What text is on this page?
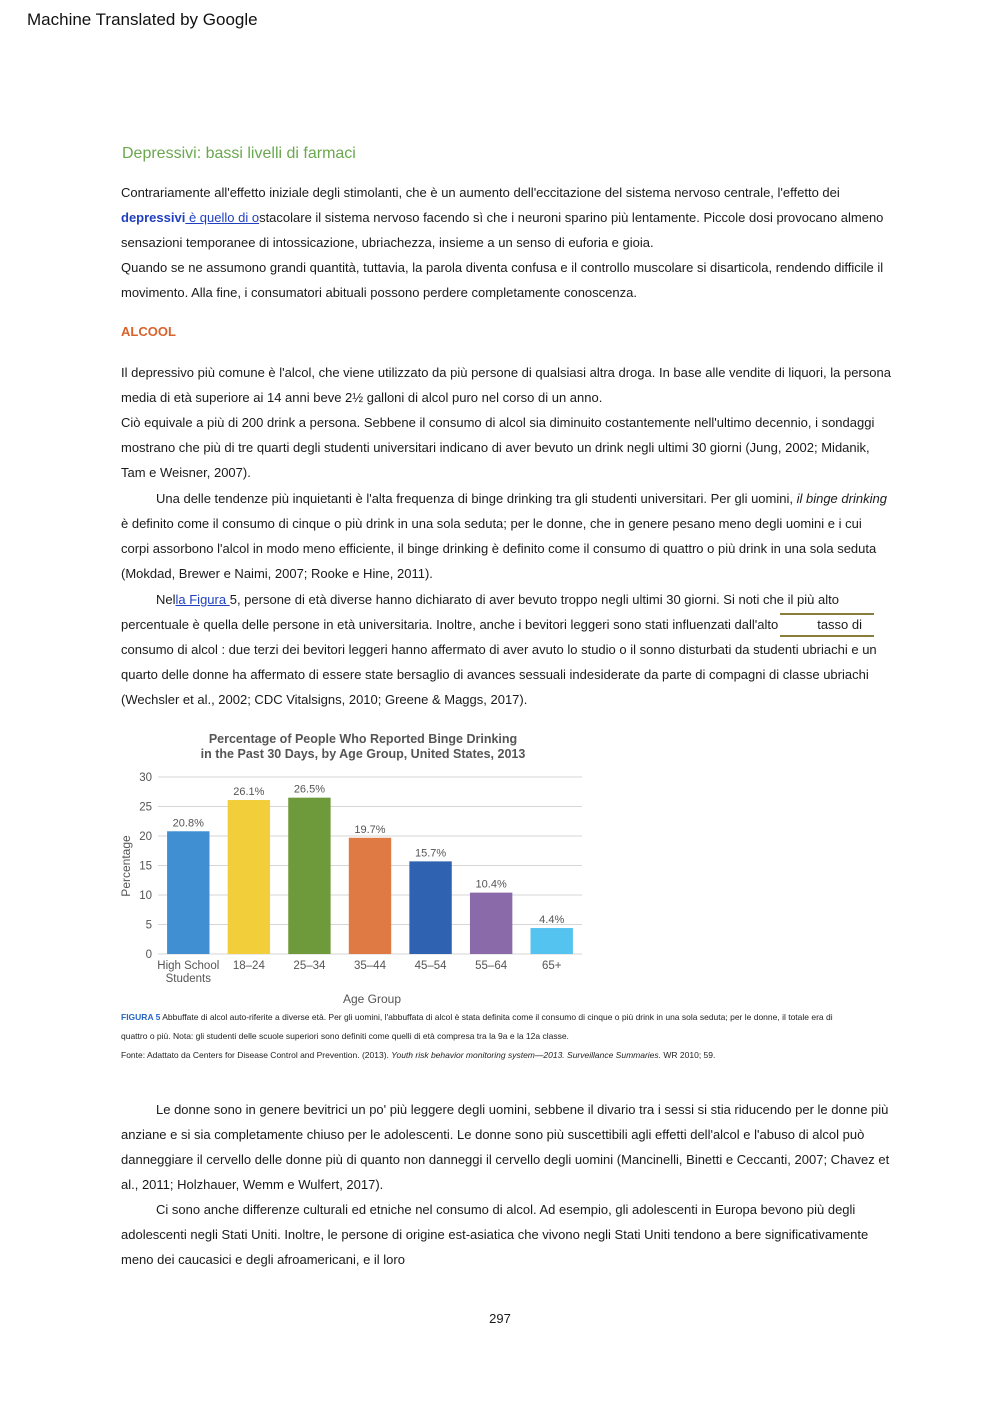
Machine Translated by Google
Depressivi: bassi livelli di farmaci

Contrariamente all'effetto iniziale degli stimolanti, che è un aumento dell'eccitazione del sistema nervoso centrale, l'effetto dei depressivi è quello di ostacolare il sistema nervoso facendo sì che i neuroni sparino più lentamente. Piccole dosi provocano almeno sensazioni temporanee di intossicazione, ubriachezza, insieme a un senso di euforia e gioia.

Quando se ne assumono grandi quantità, tuttavia, la parola diventa confusa e il controllo muscolare si disarticola, rendendo difficile il movimento. Alla fine, i consumatori abituali possono perdere completamente conoscenza.

ALCOOL

Il depressivo più comune è l'alcol, che viene utilizzato da più persone di qualsiasi altra droga. In base alle vendite di liquori, la persona media di età superiore ai 14 anni beve 2½ galloni di alcol puro nel corso di un anno.

Ciò equivale a più di 200 drink a persona. Sebbene il consumo di alcol sia diminuito costantemente nell'ultimo decennio, i sondaggi mostrano che più di tre quarti degli studenti universitari indicano di aver bevuto un drink negli ultimi 30 giorni (Jung, 2002; Midanik, Tam e Weisner, 2007).

Una delle tendenze più inquietanti è l'alta frequenza di binge drinking tra gli studenti universitari. Per gli uomini, il binge drinking è definito come il consumo di cinque o più drink in una sola seduta; per le donne, che in genere pesano meno degli uomini e i cui corpi assorbono l'alcol in modo meno efficiente, il binge drinking è definito come il consumo di quattro o più drink in una sola seduta (Mokdad, Brewer e Naimi, 2007; Rooke e Hine, 2011).

Nella Figura 5, persone di età diverse hanno dichiarato di aver bevuto troppo negli ultimi 30 giorni. Si noti che il più alto percentuale è quella delle persone in età universitaria. Inoltre, anche i bevitori leggeri sono stati influenzati dall'alto	tasso di consumo di alcol : due terzi dei bevitori leggeri hanno affermato di aver avuto lo studio o il sonno disturbati da studenti ubriachi e un quarto delle donne ha affermato di essere state bersaglio di avances sessuali indesiderate da parte di compagni di classe ubriachi (Wechsler et al., 2002; CDC Vitalsigns, 2010; Greene & Maggs, 2017).

Percentage of People Who Reported Binge Drinking
in the Past 30 Days, by Age Group, United States, 2013
0
5
10
15
20
25
30
20.8%
High School Students
26.1%
18–24
26.5%
25–34
19.7%
35–44
15.7%
45–54
10.4%
55–64
4.4%
65+
Percentage
Age Group
FIGURA 5 Abbuffate di alcol auto-riferite a diverse età. Per gli uomini, l'abbuffata di alcol è stata definita come il consumo di cinque o più drink in una sola seduta; per le donne, il totale era di quattro o più. Nota: gli studenti delle scuole superiori sono definiti come quelli di età compresa tra la 9a e la 12a classe.
Fonte: Adattato da Centers for Disease Control and Prevention. (2013). Youth risk behavior monitoring system—2013. Surveillance Summaries. WR 2010; 59.

Le donne sono in genere bevitrici un po' più leggere degli uomini, sebbene il divario tra i sessi si stia riducendo per le donne più anziane e si sia completamente chiuso per le adolescenti. Le donne sono più suscettibili agli effetti dell'alcol e l'abuso di alcol può danneggiare il cervello delle donne più di quanto non danneggi il cervello degli uomini (Mancinelli, Binetti e Ceccanti, 2007; Chavez et al., 2011; Holzhauer, Wemm e Wulfert, 2017).

Ci sono anche differenze culturali ed etniche nel consumo di alcol. Ad esempio, gli adolescenti in Europa bevono più degli adolescenti negli Stati Uniti. Inoltre, le persone di origine est-asiatica che vivono negli Stati Uniti tendono a bere significativamente meno dei caucasici e degli afroamericani, e il loro

297
